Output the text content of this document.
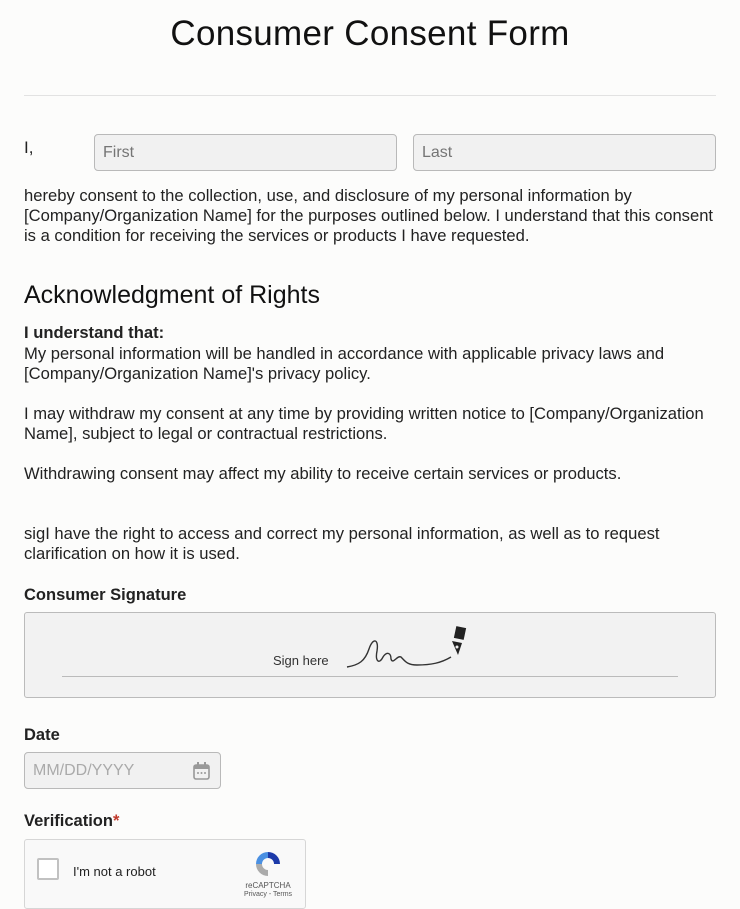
Consumer Consent Form
I,
First
Last
hereby consent to the collection, use, and disclosure of my personal information by [Company/Organization Name] for the purposes outlined below. I understand that this consent is a condition for receiving the services or products I have requested.
Acknowledgment of Rights
I understand that:
My personal information will be handled in accordance with applicable privacy laws and [Company/Organization Name]'s privacy policy.
I may withdraw my consent at any time by providing written notice to [Company/Organization Name], subject to legal or contractual restrictions.
Withdrawing consent may affect my ability to receive certain services or products.
sigI have the right to access and correct my personal information, as well as to request clarification on how it is used.
Consumer Signature
Sign here
Date
MM/DD/YYYY
Verification*
I'm not a robot
reCAPTCHA
Privacy - Terms
